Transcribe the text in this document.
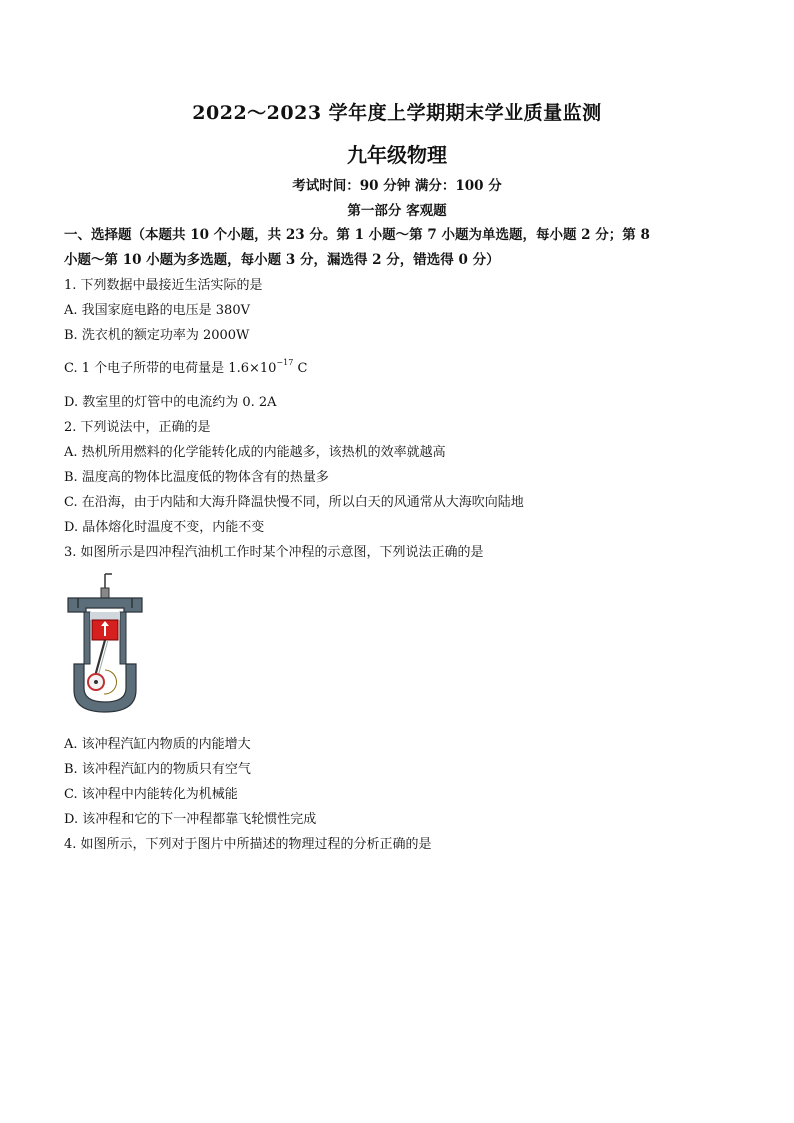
2022～2023 学年度上学期期末学业质量监测
九年级物理
考试时间：90 分钟 满分：100 分
第一部分 客观题
一、选择题（本题共 10 个小题，共 23 分。第 1 小题～第 7 小题为单选题，每小题 2 分；第 8
小题～第 10 小题为多选题，每小题 3 分，漏选得 2 分，错选得 0 分）
1. 下列数据中最接近生活实际的是
A. 我国家庭电路的电压是 380V
B. 洗衣机的额定功率为 2000W
C. 1 个电子所带的电荷量是 $1.6\times 10^{-17}$ C
D. 教室里的灯管中的电流约为 0. 2A
2. 下列说法中，正确的是
A. 热机所用燃料的化学能转化成的内能越多，该热机的效率就越高
B. 温度高的物体比温度低的物体含有的热量多
C. 在沿海，由于内陆和大海升降温快慢不同，所以白天的风通常从大海吹向陆地
D. 晶体熔化时温度不变，内能不变
3. 如图所示是四冲程汽油机工作时某个冲程的示意图，下列说法正确的是
A. 该冲程汽缸内物质的内能增大
B. 该冲程汽缸内的物质只有空气
C. 该冲程中内能转化为机械能
D. 该冲程和它的下一冲程都靠飞轮惯性完成
4. 如图所示，下列对于图片中所描述的物理过程的分析正确的是
